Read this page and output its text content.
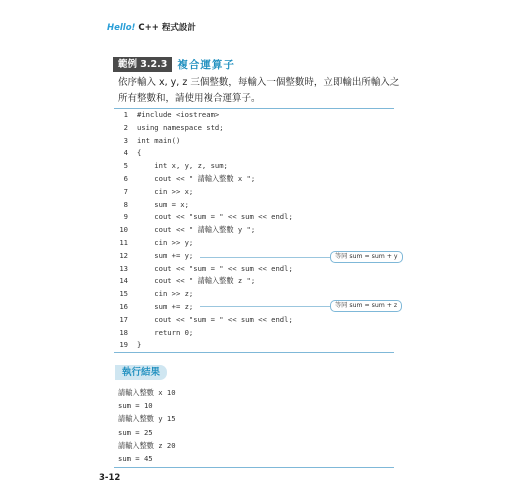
Hello! C++ 程式設計
範例 3.2.3 複合運算子
依序輸入 x, y, z 三個整數，每輸入一個整數時，立即輸出所輸入之所有整數和，請使用複合運算子。
1 #include <iostream>
2 using namespace std;
3 int main()
4 {
5 int x, y, z, sum;
6 cout << " 請輸入整數 x ";
7 cin >> x;
8 sum = x;
9 cout << "sum = " << sum << endl;
10 cout << " 請輸入整數 y ";
11 cin >> y;
12 sum += y;
13 cout << "sum = " << sum << endl;
14 cout << " 請輸入整數 z ";
15 cin >> z;
16 sum += z;
17 cout << "sum = " << sum << endl;
18 return 0;
19 }
等同 sum = sum + y
等同 sum = sum + z
執行結果
請輸入整數 x 10
sum = 10
請輸入整數 y 15
sum = 25
請輸入整數 z 20
sum = 45
3-12
